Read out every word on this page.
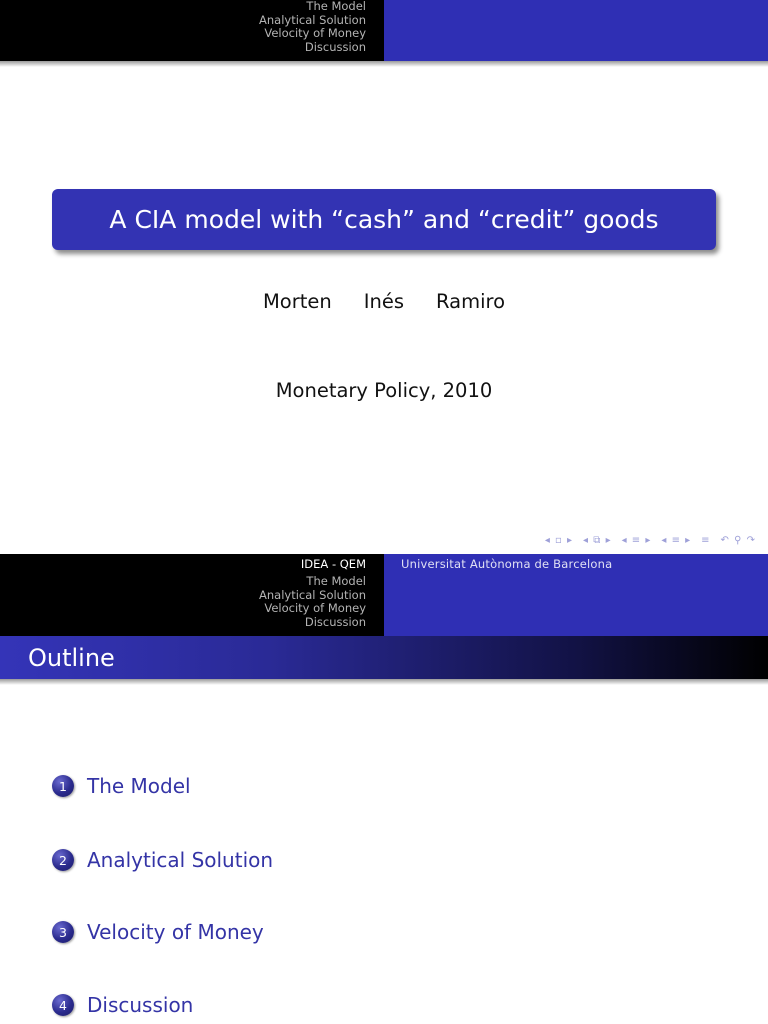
The Model
Analytical Solution
Velocity of Money
Discussion
A CIA model with “cash” and “credit” goods
Morten Inés Ramiro
Monetary Policy, 2010
◂ ▫ ▸	◂ ⧉ ▸	◂ ≡ ▸	◂ ≡ ▸	≡	↶ ⚲ ↷
IDEA - QEM
The Model
Analytical Solution
Velocity of Money
Discussion
Universitat Autònoma de Barcelona
Outline
1	The Model
2	Analytical Solution
3	Velocity of Money
4	Discussion
